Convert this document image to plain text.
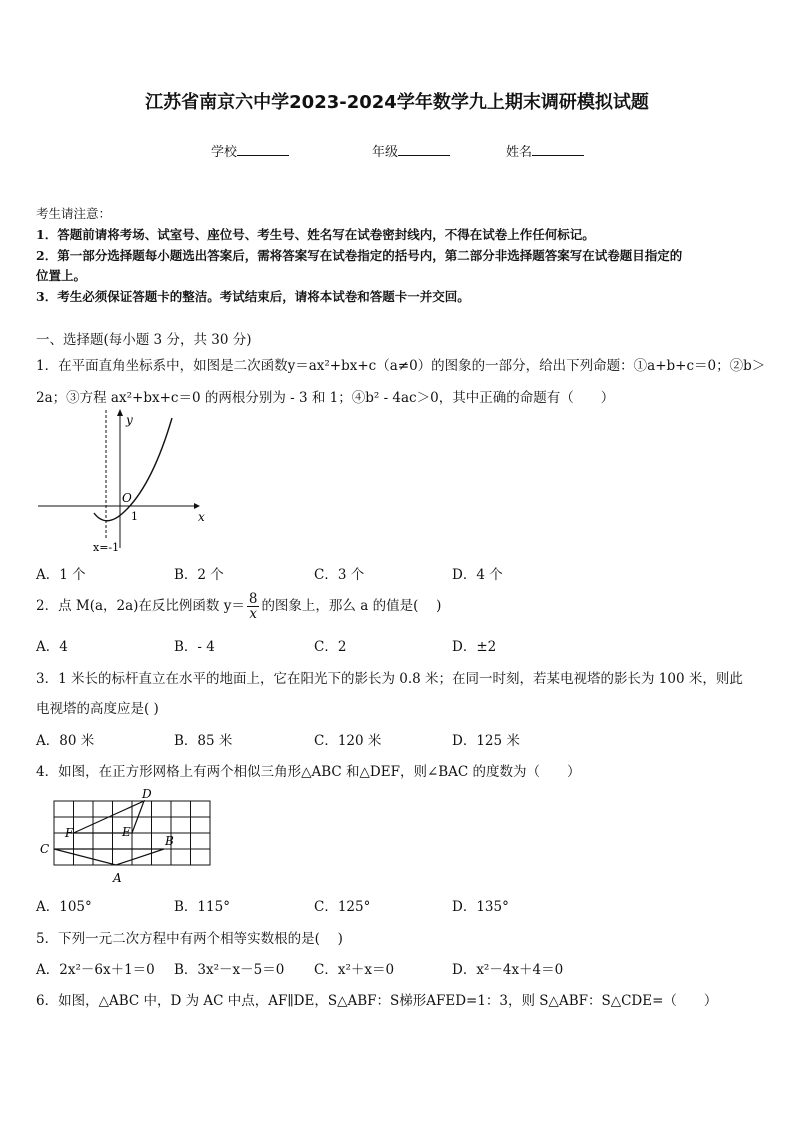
江苏省南京六中学2023-2024学年数学九上期末调研模拟试题
学校	年级	姓名
考生请注意：
1．答题前请将考场、试室号、座位号、考生号、姓名写在试卷密封线内，不得在试卷上作任何标记。
2．第一部分选择题每小题选出答案后，需将答案写在试卷指定的括号内，第二部分非选择题答案写在试卷题目指定的
位置上。
3．考生必须保证答题卡的整洁。考试结束后，请将本试卷和答题卡一并交回。
一、选择题(每小题 3 分，共 30 分)
1．在平面直角坐标系中，如图是二次函数y＝ax²+bx+c（a≠0）的图象的一部分，给出下列命题：①a+b+c＝0；②b＞
2a；③方程 ax²+bx+c＝0 的两根分别为 - 3 和 1；④b² - 4ac＞0，其中正确的命题有（　　）
y
x
O
1
x=-1
A．1 个	B．2 个	C．3 个	D．4 个
2．点 M(a，2a)在反比例函数 $y= \frac{8}{x}$ 的图象上，那么 a 的值是(　 )
A．4	B．- 4	C．2	D．±2
3．1 米长的标杆直立在水平的地面上，它在阳光下的影长为 0.8 米；在同一时刻，若某电视塔的影长为 100 米，则此
电视塔的高度应是( )
A．80 米	B．85 米	C．120 米	D．125 米
4．如图，在正方形网格上有两个相似三角形△ABC 和△DEF，则∠BAC 的度数为（　　）
D
F	E
B
C
A
A．105°	B．115°	C．125°	D．135°
5．下列一元二次方程中有两个相等实数根的是(　 )
A．2x²－6x＋1＝0 B．3x²－x－5＝0 C．x²＋x＝0	D．x²－4x＋4＝0
6．如图，△ABC 中，D 为 AC 中点，AF∥DE，S△ABF：S梯形AFED=1：3，则 S△ABF：S△CDE=（　　）
